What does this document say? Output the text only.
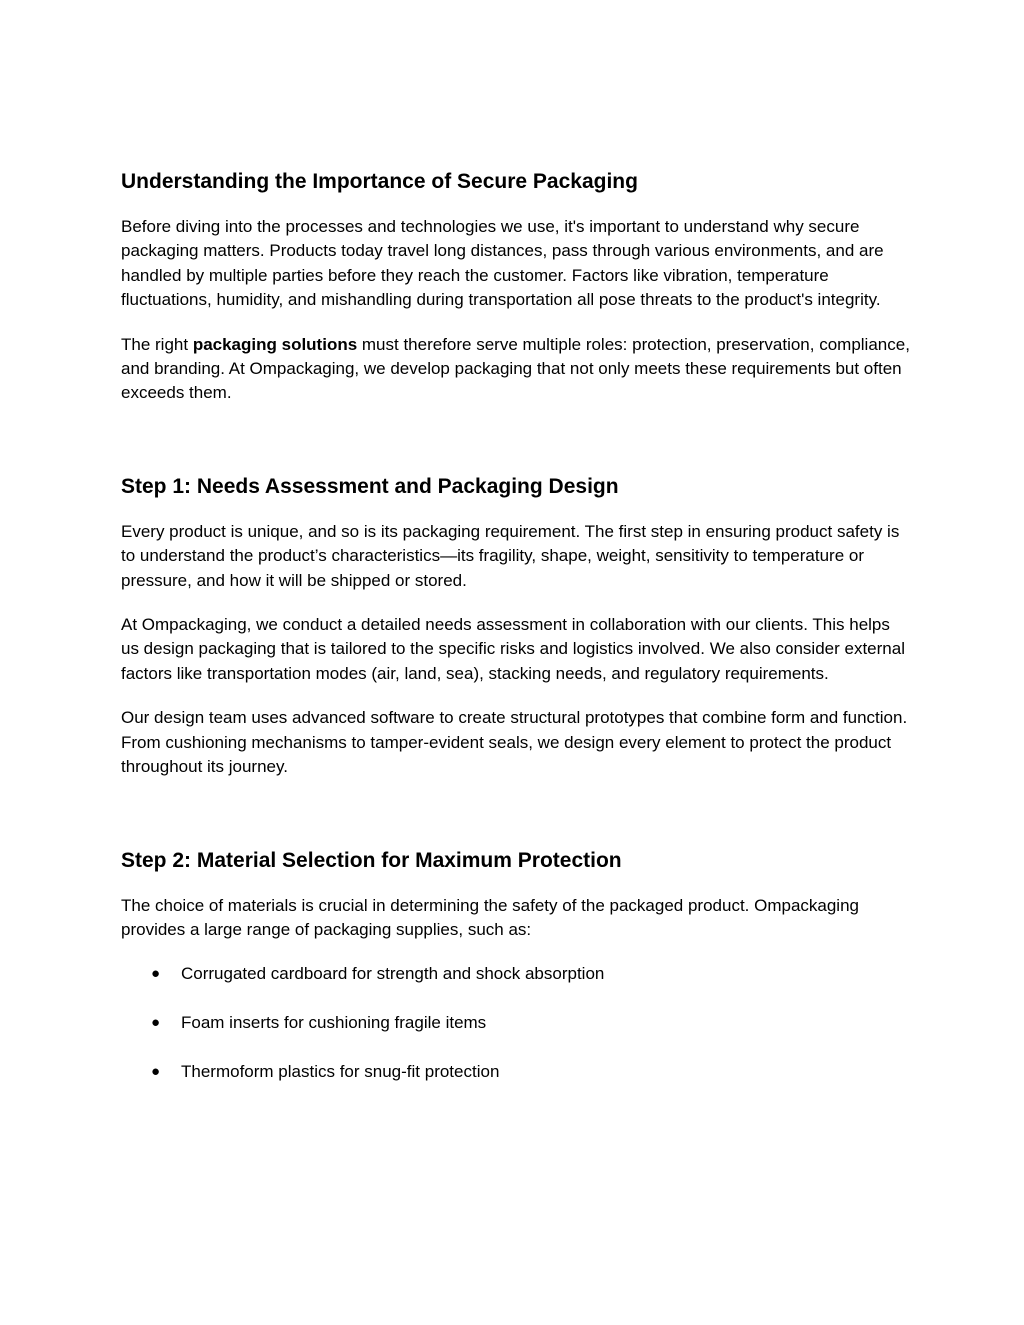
Understanding the Importance of Secure Packaging

Before diving into the processes and technologies we use, it's important to understand why secure packaging matters. Products today travel long distances, pass through various environments, and are handled by multiple parties before they reach the customer. Factors like vibration, temperature fluctuations, humidity, and mishandling during transportation all pose threats to the product's integrity.

The right packaging solutions must therefore serve multiple roles: protection, preservation, compliance, and branding. At Ompackaging, we develop packaging that not only meets these requirements but often exceeds them.

Step 1: Needs Assessment and Packaging Design

Every product is unique, and so is its packaging requirement. The first step in ensuring product safety is to understand the product’s characteristics—its fragility, shape, weight, sensitivity to temperature or pressure, and how it will be shipped or stored.

At Ompackaging, we conduct a detailed needs assessment in collaboration with our clients. This helps us design packaging that is tailored to the specific risks and logistics involved. We also consider external factors like transportation modes (air, land, sea), stacking needs, and regulatory requirements.

Our design team uses advanced software to create structural prototypes that combine form and function. From cushioning mechanisms to tamper-evident seals, we design every element to protect the product throughout its journey.

Step 2: Material Selection for Maximum Protection

The choice of materials is crucial in determining the safety of the packaged product. Ompackaging provides a large range of packaging supplies, such as:

● Corrugated cardboard for strength and shock absorption
● Foam inserts for cushioning fragile items
● Thermoform plastics for snug-fit protection
